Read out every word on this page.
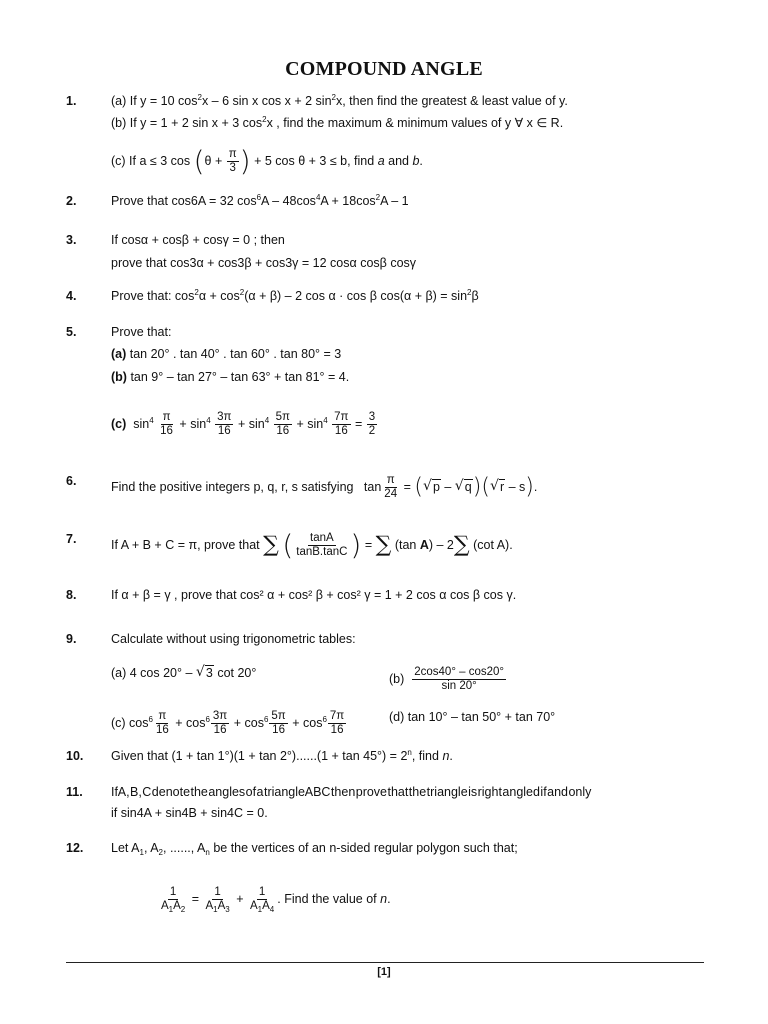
COMPOUND ANGLE
1.	(a) If y = 10 $\cos^2x - 6$ sin x cos x + 2 $\sin^2x$, then find the greatest & least value of y.
(b) If y = 1 + 2 sin x + 3 $\cos^2x$ , find the maximum & minimum values of y ∀ x ∈ R.
(c) If a ≤ 3 $\cos (\theta + \frac{\pi}{3}$ ) + 5 cos θ + 3 ≤ b, find a and b.
2.	Prove that cos6A = 32 $\cos^6A - 48\cos^4A + 18\cos^2A - 1$
3.	If cosα + cosβ + cosγ = 0 ; then
prove that cos3α + cos3β + cos3γ = 12 cosα cosβ cosγ
4.	Prove that: $\cos^2\alpha + \cos^2(\alpha + \beta) - 2$ cos α · cos β $\cos(\alpha + \beta) = \sin^2\beta$
5.	Prove that:
(a) tan 20° . tan 40° . tan 60° . tan 80° = 3
(b) tan 9° – tan 27° – tan 63° + tan 81° = 4.
(c) $\sin^4 \frac{\pi}{16} + \sin^4 \frac{3\pi}{16} + \sin^4 \frac{5\pi}{16} + \sin^4 \frac{7\pi}{16} = \frac{3}{2}$
6.	Find the positive integers p, q, r, s satisfying $\tan \frac{\pi}{24}$ = ( √ p – √ q)( √ r – s).
7.	If A + B + C = π, prove that ∑ ( $\frac{\tan A}{\tan B.\tan C}$ ) = ∑ (tan A) – 2∑ (cot A).
8.	If α + β = γ , prove that cos² α + cos² β + cos² γ = 1 + 2 cos α cos β cos γ.
9.	Calculate without using trigonometric tables:
(a) 4 cos 20° – √ 3 cot 20°	$(b) \frac{2\cos 40^\circ - \cos 20^\circ}{\sin 20^\circ}$
(c) $\cos^6 \frac{\pi}{16} + \cos^6 \frac{3\pi}{16} + \cos^6 \frac{5\pi}{16} + \cos^6 \frac{7\pi}{16}$	(d) tan 10° – tan 50° + tan 70°
10. Given that $(1 + \tan 1^\circ)(1 + \tan 2^\circ)......(1 + \tan 45^\circ) = 2^n$, find n.
11. If A, B, C denote the angles of a triangle ABC then prove that the triangle is right angled if and only
if sin4A + sin4B + sin4C = 0.
12. Let $A_1$, $A_2$, ......, $A_n$ be the vertices of an n-sided regular polygon such that;
$\frac{1}{A_1A_2} = \frac{1}{A_1A_3} + \frac{1}{A_1A_4}$ . Find the value of n.
[1]
